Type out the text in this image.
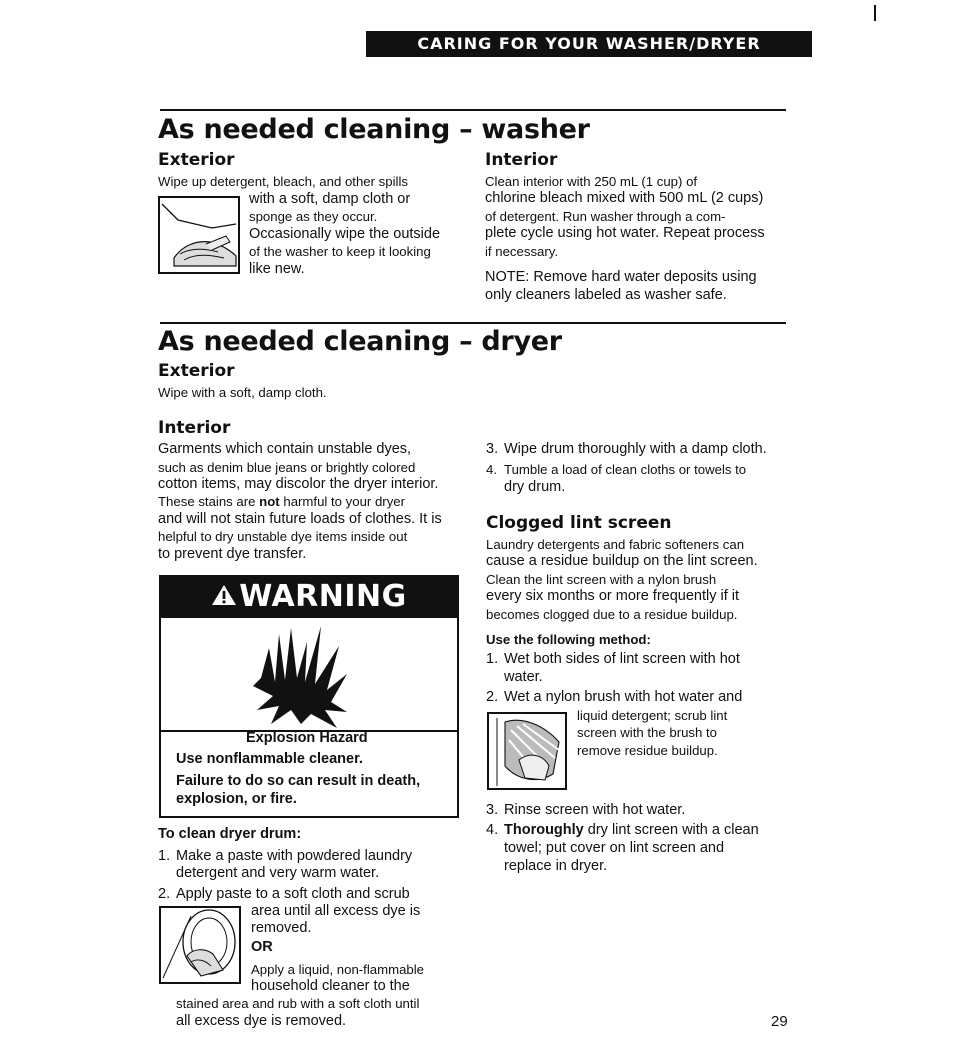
CARING FOR YOUR WASHER/DRYER
As needed cleaning – washer
Exterior
Wipe up detergent, bleach, and other spills
with a soft, damp cloth or
sponge as they occur.
Occasionally wipe the outside
of the washer to keep it looking
like new.
Interior
Clean interior with 250 mL (1 cup) of
chlorine bleach mixed with 500 mL (2 cups)
of detergent. Run washer through a com-
plete cycle using hot water. Repeat process
if necessary.
NOTE: Remove hard water deposits using
only cleaners labeled as washer safe.
As needed cleaning – dryer
Exterior
Wipe with a soft, damp cloth.
Interior
Garments which contain unstable dyes,
such as denim blue jeans or brightly colored
cotton items, may discolor the dryer interior.
These stains are not harmful to your dryer
and will not stain future loads of clothes. It is
helpful to dry unstable dye items inside out
to prevent dye transfer.
WARNING
Explosion Hazard
Use nonflammable cleaner.
Failure to do so can result in death,
explosion, or fire.
To clean dryer drum:
1. Make a paste with powdered laundry
detergent and very warm water.
2. Apply paste to a soft cloth and scrub
area until all excess dye is
removed.
OR
Apply a liquid, non-flammable
household cleaner to the
stained area and rub with a soft cloth until
all excess dye is removed.
3. Wipe drum thoroughly with a damp cloth.
4. Tumble a load of clean cloths or towels to
dry drum.
Clogged lint screen
Laundry detergents and fabric softeners can
cause a residue buildup on the lint screen.
Clean the lint screen with a nylon brush
every six months or more frequently if it
becomes clogged due to a residue buildup.
Use the following method:
1. Wet both sides of lint screen with hot
water.
2. Wet a nylon brush with hot water and
liquid detergent; scrub lint
screen with the brush to
remove residue buildup.
3. Rinse screen with hot water.
4. Thoroughly dry lint screen with a clean
towel; put cover on lint screen and
replace in dryer.
29
